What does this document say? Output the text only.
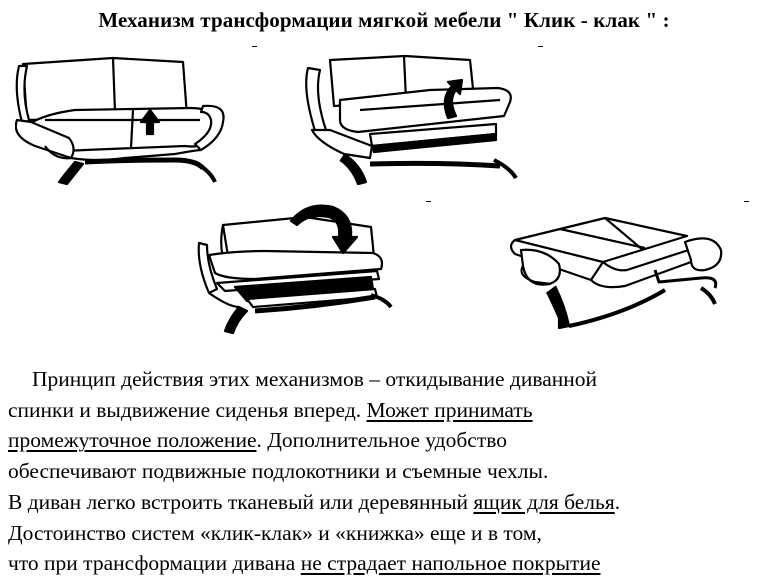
Механизм трансформации мягкой мебели " Клик - клак " :
Принцип действия этих механизмов – откидывание диванной
спинки и выдвижение сиденья вперед. Может принимать
промежуточное положение. Дополнительное удобство
обеспечивают подвижные подлокотники и съемные чехлы.
В диван легко встроить тканевый или деревянный ящик для белья.
Достоинство систем «клик-клак» и «книжка» еще и в том,
что при трансформации дивана не страдает напольное покрытие
